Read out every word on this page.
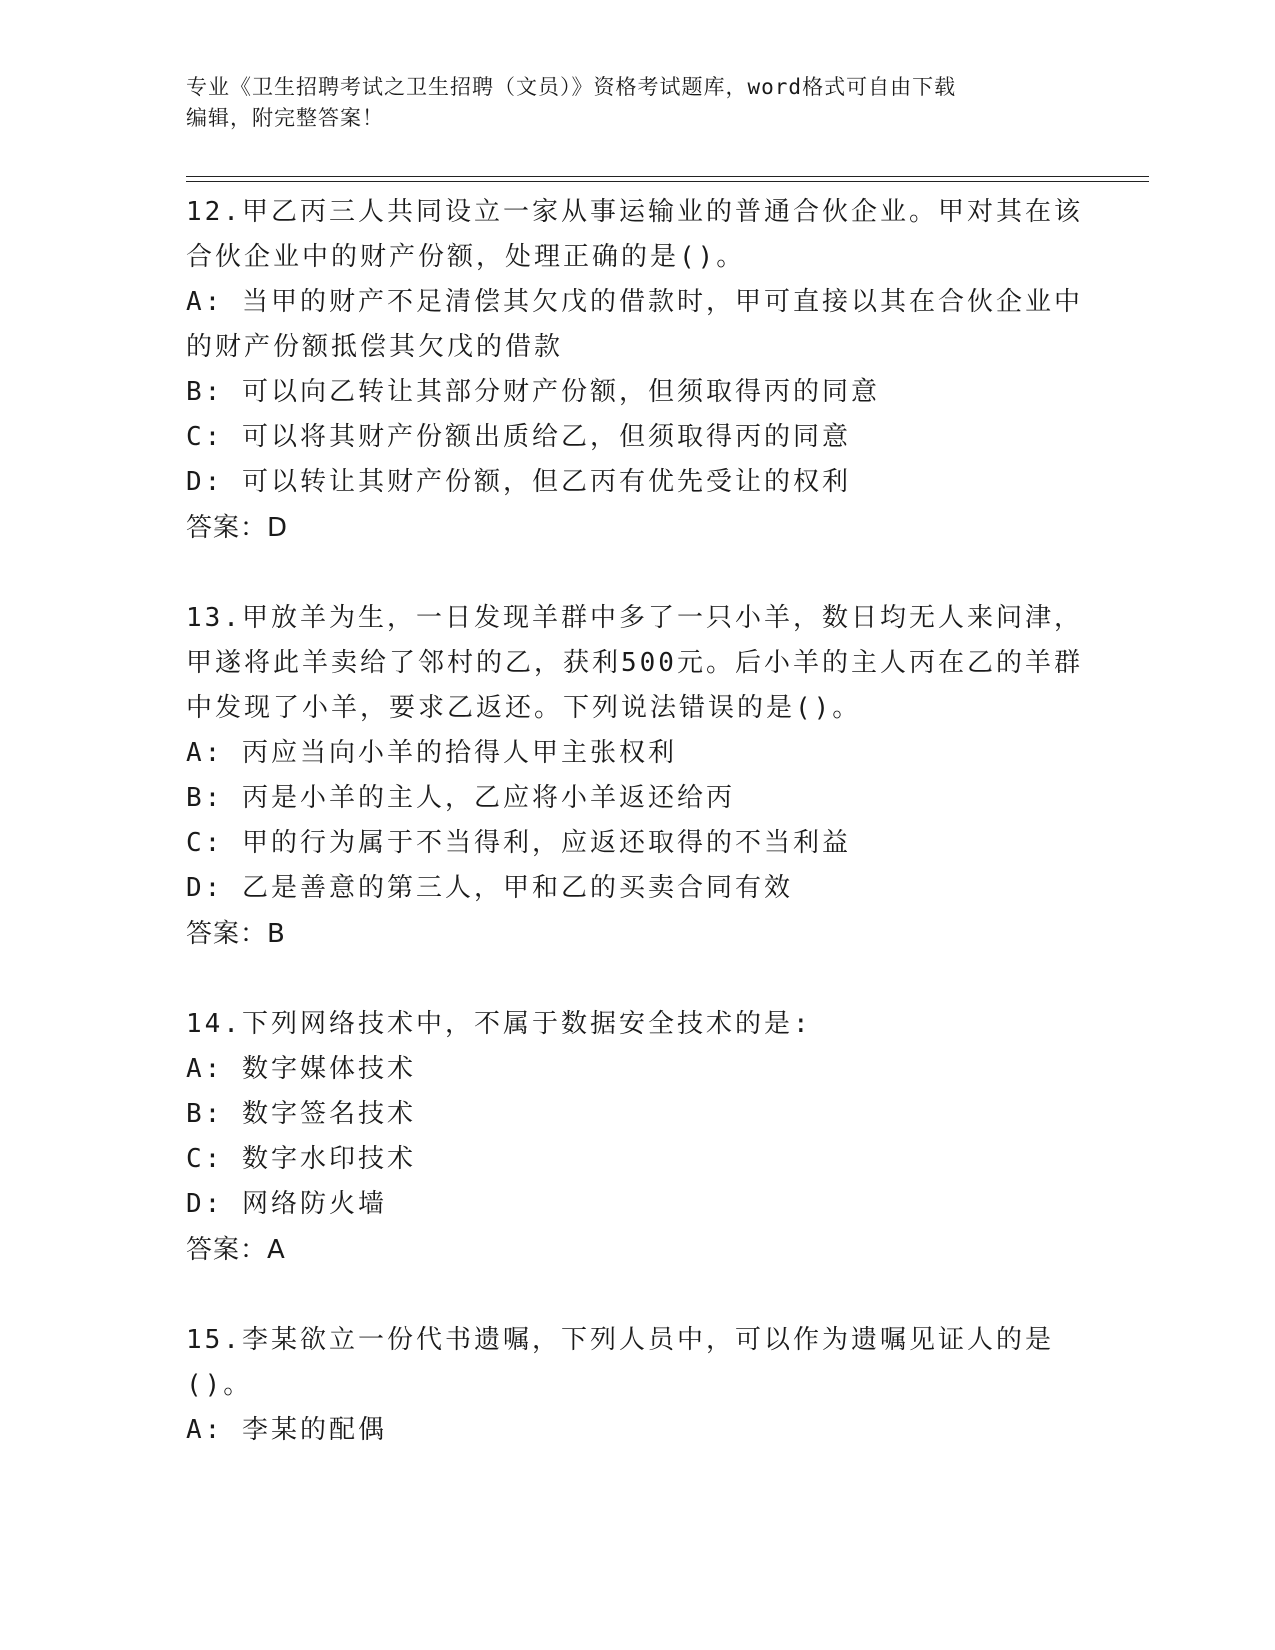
专业《卫生招聘考试之卫生招聘（文员）》资格考试题库，word格式可自由下载
编辑，附完整答案！

12.甲乙丙三人共同设立一家从事运输业的普通合伙企业。甲对其在该合伙企业中的财产份额，处理正确的是()。

A: 当甲的财产不足清偿其欠戊的借款时，甲可直接以其在合伙企业中的财产份额抵偿其欠戊的借款

B: 可以向乙转让其部分财产份额，但须取得丙的同意

C: 可以将其财产份额出质给乙，但须取得丙的同意

D: 可以转让其财产份额，但乙丙有优先受让的权利

答案：D

13.甲放羊为生，一日发现羊群中多了一只小羊，数日均无人来问津，甲遂将此羊卖给了邻村的乙，获利500元。后小羊的主人丙在乙的羊群中发现了小羊，要求乙返还。下列说法错误的是()。

A: 丙应当向小羊的拾得人甲主张权利

B: 丙是小羊的主人，乙应将小羊返还给丙

C: 甲的行为属于不当得利，应返还取得的不当利益

D: 乙是善意的第三人，甲和乙的买卖合同有效

答案：B

14.下列网络技术中，不属于数据安全技术的是:

A: 数字媒体技术

B: 数字签名技术

C: 数字水印技术

D: 网络防火墙

答案：A

15.李某欲立一份代书遗嘱，下列人员中，可以作为遗嘱见证人的是()。

A: 李某的配偶
